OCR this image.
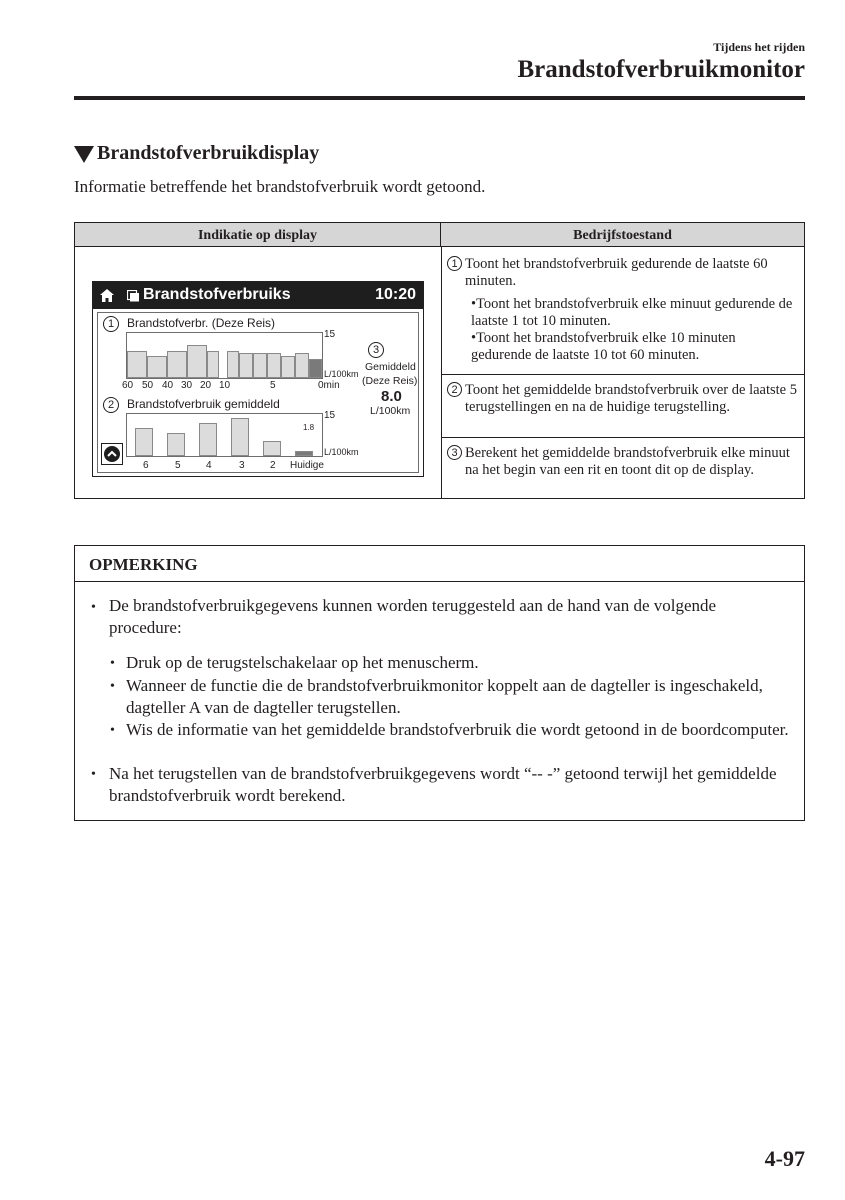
Tijdens het rijden
Brandstofverbruikmonitor
Brandstofverbruikdisplay
Informatie betreffende het brandstofverbruik wordt getoond.
Indikatie op display	Bedrijfstoestand
Brandstofverbruiks	10:20
1	Brandstofverbr. (Deze Reis)
15
L/100km
60 50 40 30 20 10	5	0min
2	Brandstofverbruik gemiddeld
15
L/100km
6	5	4	3	2 Huidige
3
Gemiddeld
(Deze Reis)
8.0
L/100km
1.8
1 Toont het brandstofverbruik gedurende de laatste 60 minuten.
•Toont het brandstofverbruik elke minuut gedurende de laatste 1 tot 10 minuten.
•Toont het brandstofverbruik elke 10 minuten gedurende de laatste 10 tot 60 minuten.
2 Toont het gemiddelde brandstofverbruik over de laatste 5 terugstellingen en na de huidige terugstelling.
3 Berekent het gemiddelde brandstofverbruik elke minuut na het begin van een rit en toont dit op de display.
OPMERKING
• De brandstofverbruikgegevens kunnen worden teruggesteld aan de hand van de volgende procedure:
• Druk op de terugstelschakelaar op het menuscherm.
• Wanneer de functie die de brandstofverbruikmonitor koppelt aan de dagteller is ingeschakeld, dagteller A van de dagteller terugstellen.
• Wis de informatie van het gemiddelde brandstofverbruik die wordt getoond in de boordcomputer.
• Na het terugstellen van de brandstofverbruikgegevens wordt “-- -” getoond terwijl het gemiddelde brandstofverbruik wordt berekend.
4-97
